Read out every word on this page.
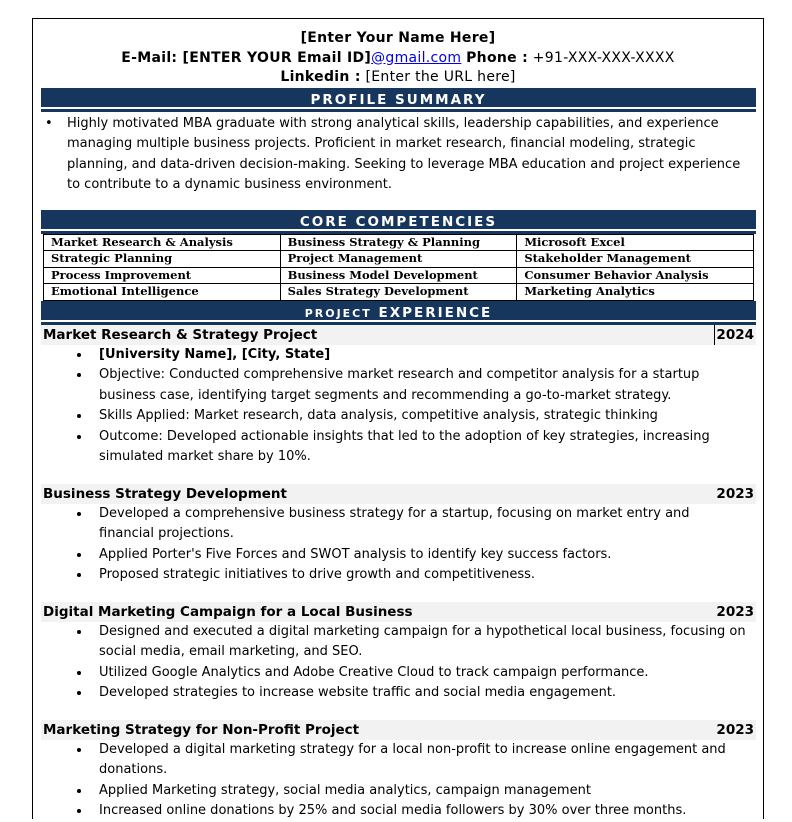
[Enter Your Name Here]
E-Mail: [ENTER YOUR Email ID]@gmail.com Phone : +91-XXX-XXX-XXXX
Linkedin : [Enter the URL here]
PROFILE SUMMARY
•	Highly motivated MBA graduate with strong analytical skills, leadership capabilities, and experience managing multiple business projects. Proficient in market research, financial modeling, strategic planning, and data-driven decision-making. Seeking to leverage MBA education and project experience to contribute to a dynamic business environment.
CORE COMPETENCIES
Market Research & Analysis	Business Strategy & Planning	Microsoft Excel
Strategic Planning	Project Management	Stakeholder Management
Process Improvement	Business Model Development	Consumer Behavior Analysis
Emotional Intelligence	Sales Strategy Development	Marketing Analytics
PROJECT EXPERIENCE
Market Research & Strategy Project	2024
• [University Name], [City, State]
• Objective: Conducted comprehensive market research and competitor analysis for a startup business case, identifying target segments and recommending a go-to-market strategy.
• Skills Applied: Market research, data analysis, competitive analysis, strategic thinking
• Outcome: Developed actionable insights that led to the adoption of key strategies, increasing simulated market share by 10%.
Business Strategy Development	2023
• Developed a comprehensive business strategy for a startup, focusing on market entry and financial projections.
• Applied Porter's Five Forces and SWOT analysis to identify key success factors.
• Proposed strategic initiatives to drive growth and competitiveness.
Digital Marketing Campaign for a Local Business	2023
• Designed and executed a digital marketing campaign for a hypothetical local business, focusing on social media, email marketing, and SEO.
• Utilized Google Analytics and Adobe Creative Cloud to track campaign performance.
• Developed strategies to increase website traffic and social media engagement.
Marketing Strategy for Non-Profit Project	2023
• Developed a digital marketing strategy for a local non-profit to increase online engagement and donations.
• Applied Marketing strategy, social media analytics, campaign management
• Increased online donations by 25% and social media followers by 30% over three months.
